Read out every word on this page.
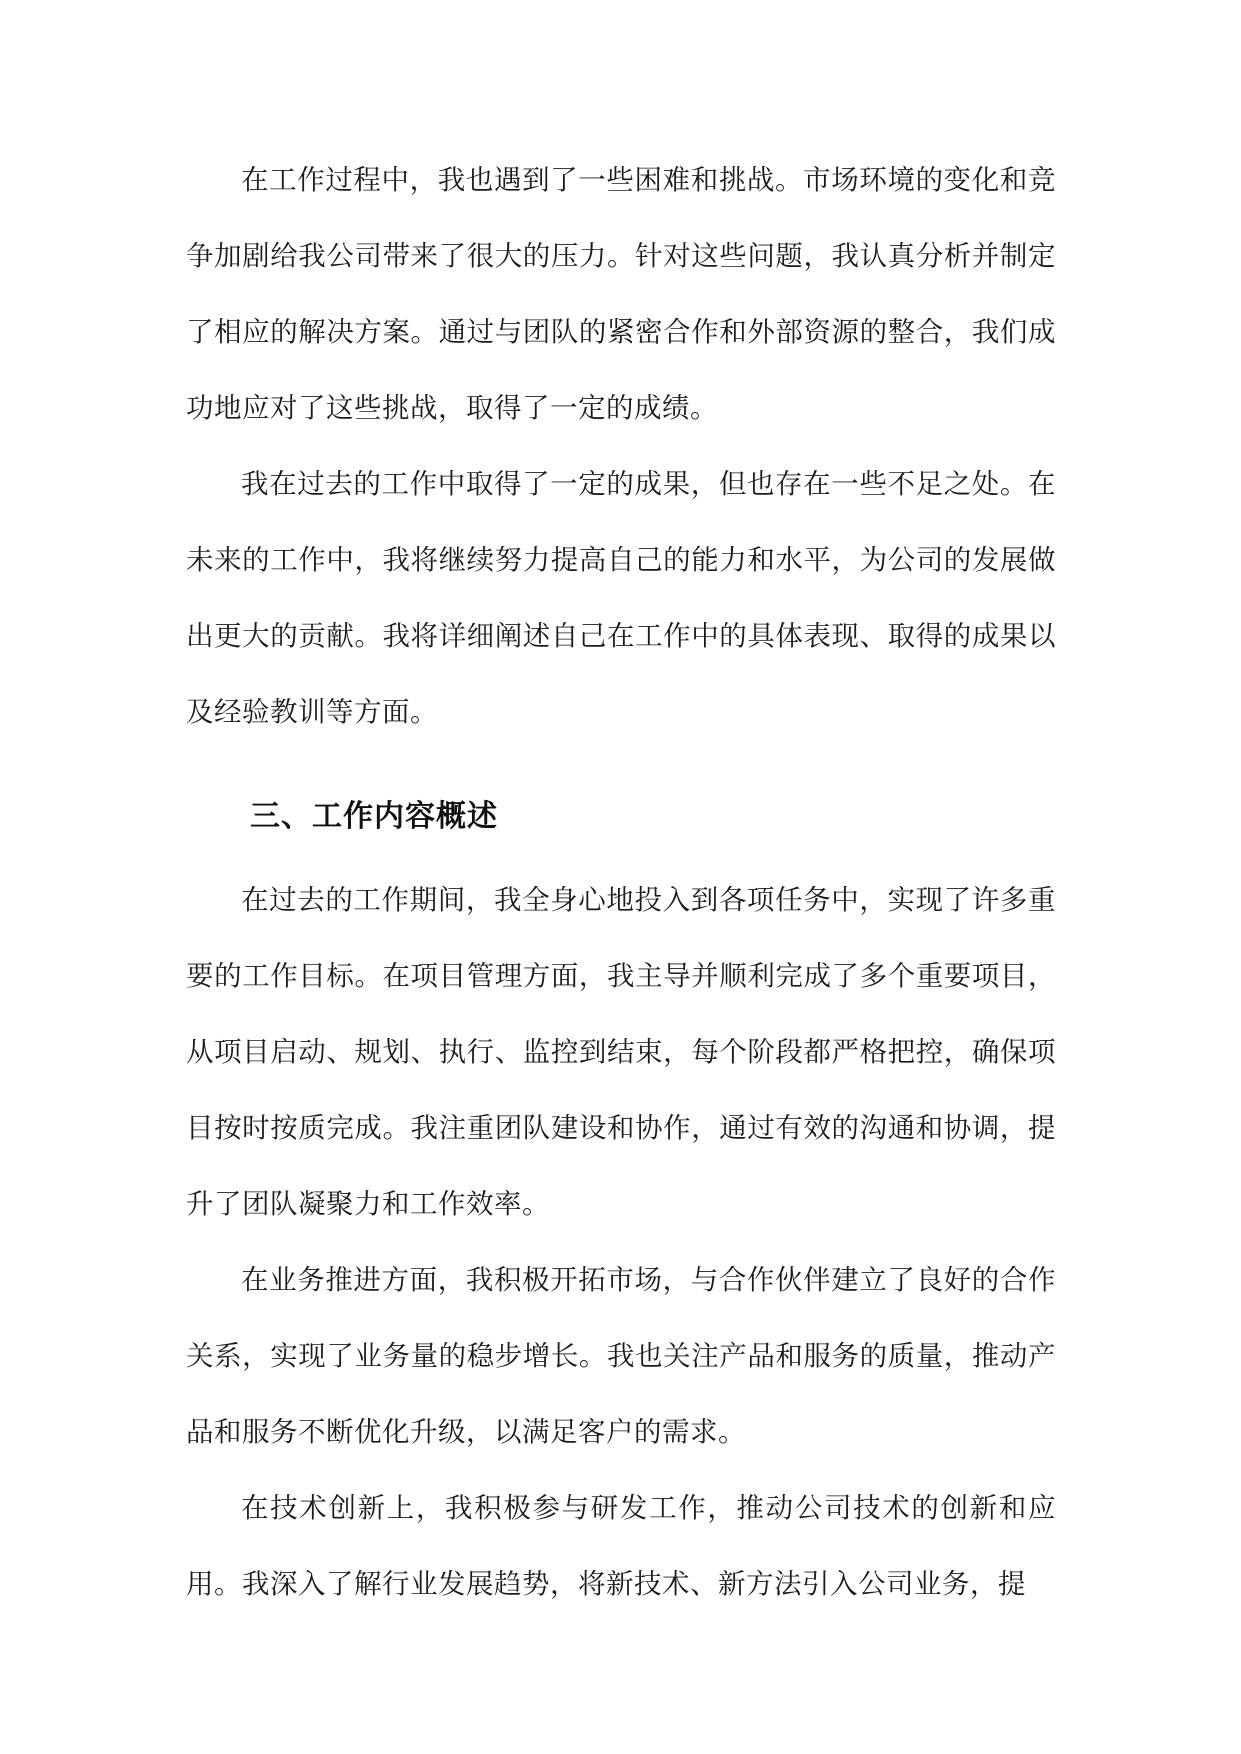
在工作过程中，我也遇到了一些困难和挑战。市场环境的变化和竞争加剧给我公司带来了很大的压力。针对这些问题，我认真分析并制定了相应的解决方案。通过与团队的紧密合作和外部资源的整合，我们成功地应对了这些挑战，取得了一定的成绩。

我在过去的工作中取得了一定的成果，但也存在一些不足之处。在未来的工作中，我将继续努力提高自己的能力和水平，为公司的发展做出更大的贡献。我将详细阐述自己在工作中的具体表现、取得的成果以及经验教训等方面。

三、工作内容概述

在过去的工作期间，我全身心地投入到各项任务中，实现了许多重要的工作目标。在项目管理方面，我主导并顺利完成了多个重要项目，从项目启动、规划、执行、监控到结束，每个阶段都严格把控，确保项目按时按质完成。我注重团队建设和协作，通过有效的沟通和协调，提升了团队凝聚力和工作效率。

在业务推进方面，我积极开拓市场，与合作伙伴建立了良好的合作关系，实现了业务量的稳步增长。我也关注产品和服务的质量，推动产品和服务不断优化升级，以满足客户的需求。

在技术创新上，我积极参与研发工作，推动公司技术的创新和应用。我深入了解行业发展趋势，将新技术、新方法引入公司业务，提
